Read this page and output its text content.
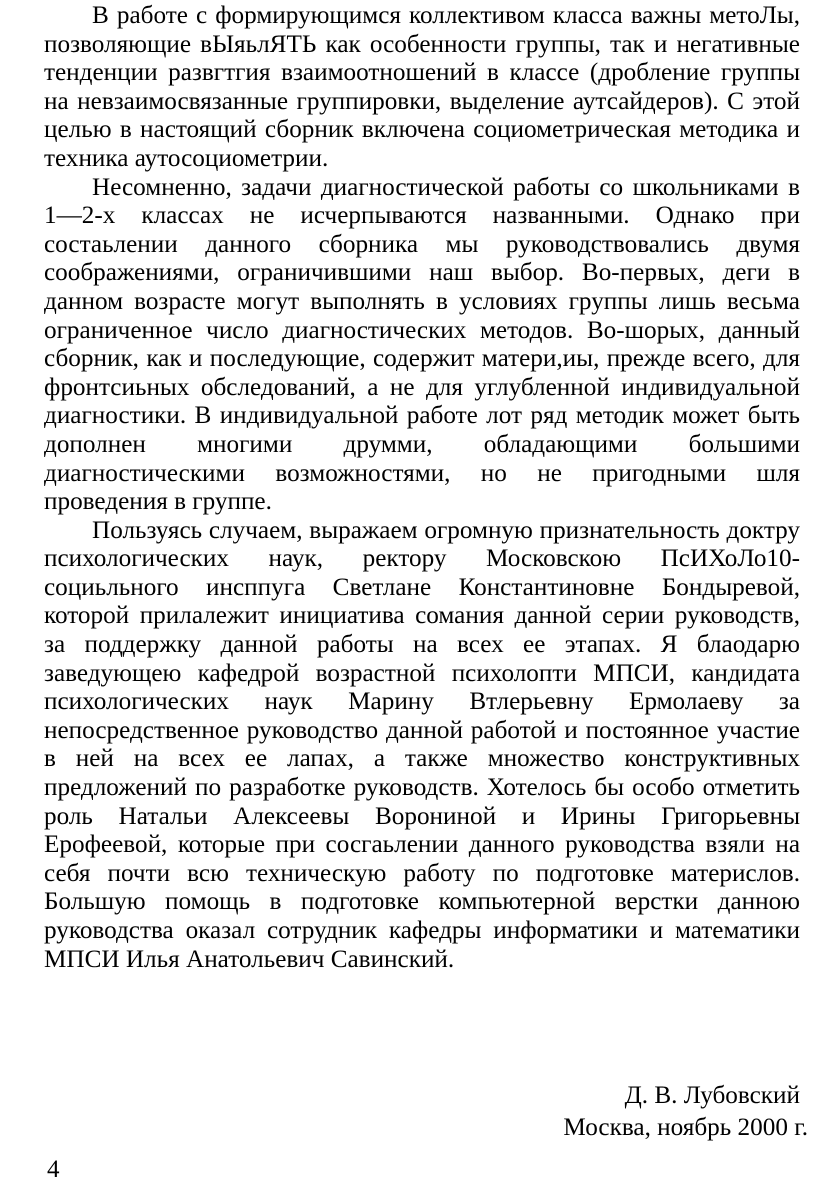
В работе с формирующимся коллективом класса важны метоЛы, позволяющие вЫяьлЯТЬ как особенности группы, так и негативные тенденции развгтгия взаимоотношений в классе (дробление группы на невзаимосвязанные группировки, выделение аутсайдеров). С этой целью в настоящий сборник включена социометрическая методика и техника аутосоциометрии.

Несомненно, задачи диагностической работы со школьниками в 1—2-х классах не исчерпываются названными. Однако при состаьлении данного сборника мы руководствовались двумя соображениями, ограничившими наш выбор. Во-первых, деги в данном возрасте могут выполнять в условиях группы лишь весьма ограниченное число диагностических методов. Во-шорых, данный сборник, как и последующие, содержит матери,иы, прежде всего, для фронтсиьных обследований, а не для углубленной индивидуальной диагностики. В индивидуальной работе лот ряд методик может быть дополнен многими друмми, обладающими большими диагностическими возможностями, но не пригодными шля проведения в группе.

Пользуясь случаем, выражаем огромную признательность доктру психологических наук, ректору Московскою ПсИХоЛо10-социьльного инсппуга Светлане Константиновне Бондыревой, которой прилалежит инициатива сомания данной серии руководств, за поддержку данной работы на всех ее этапах. Я блаодарю заведующею кафедрой возрастной психолопти МПСИ, кандидата психологических наук Марину Втлерьевну Ермолаеву за непосредственное руководство данной работой и постоянное участие в ней на всех ее лапах, а также множество конструктивных предложений по разработке руководств. Хотелось бы особо отметить роль Натальи Алексеевы Ворониной и Ирины Григорьевны Ерофеевой, которые при сосгаьлении данного руководства взяли на себя почти всю техническую работу по подготовке материслов. Большую помощь в подготовке компьютерной верстки данною руководства оказал сотрудник кафедры информатики и математики МПСИ Илья Анатольевич Савинский.

Д. В. Лубовский
Москва, ноябрь 2000 г.
4
